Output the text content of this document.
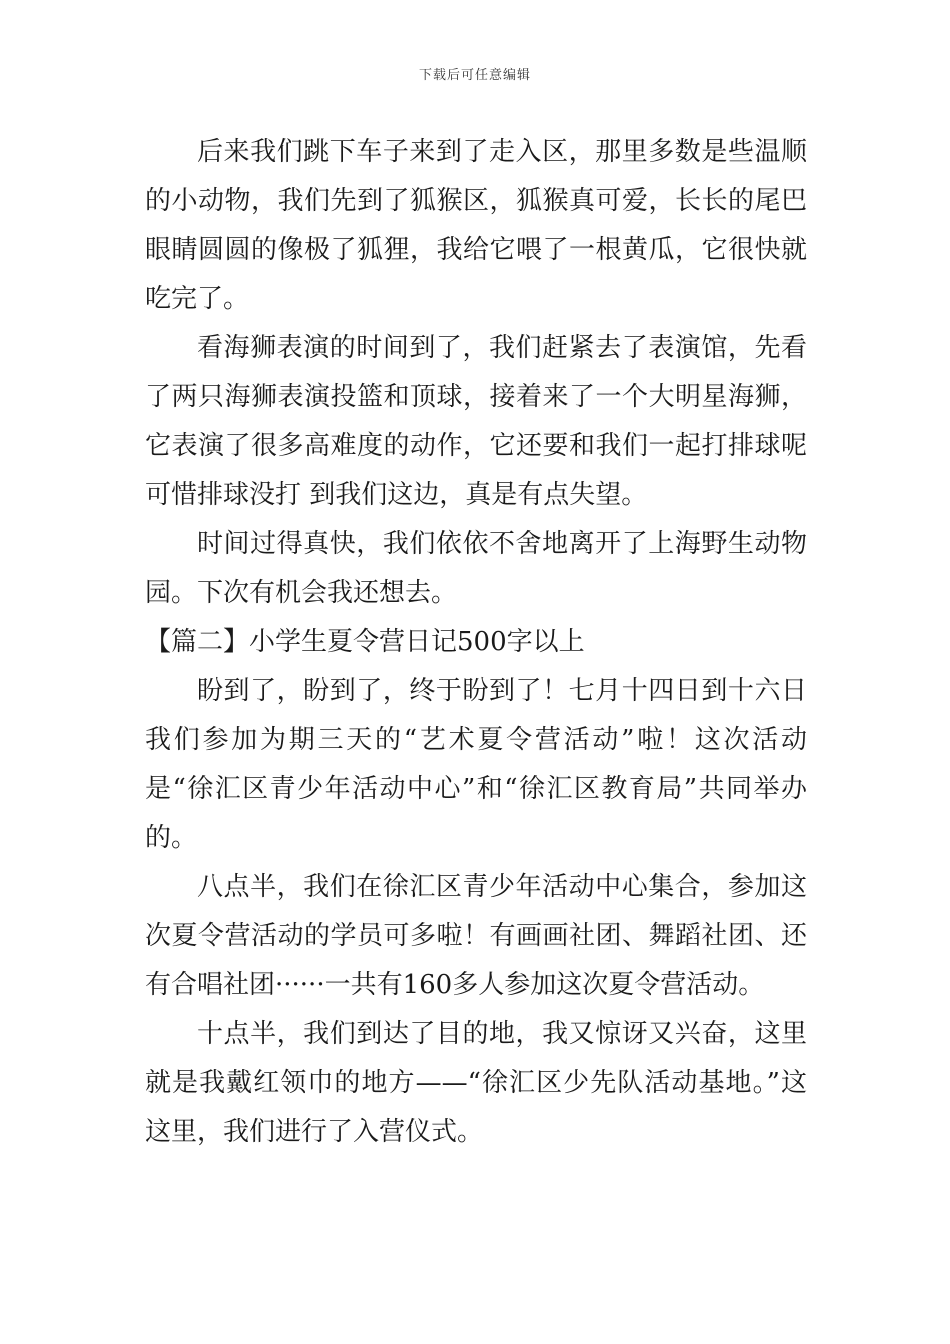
下载后可任意编辑

后来我们跳下车子来到了走入区，那里多数是些温顺的小动物，我们先到了狐猴区，狐猴真可爱，长长的尾巴眼睛圆圆的像极了狐狸，我给它喂了一根黄瓜，它很快就吃完了。

看海狮表演的时间到了，我们赶紧去了表演馆，先看了两只海狮表演投篮和顶球，接着来了一个大明星海狮，它表演了很多高难度的动作，它还要和我们一起打排球呢可惜排球没打 到我们这边，真是有点失望。

时间过得真快，我们依依不舍地离开了上海野生动物园。下次有机会我还想去。

【篇二】小学生夏令营日记500字以上

盼到了，盼到了，终于盼到了！七月十四日到十六日我们参加为期三天的“艺术夏令营活动”啦！这次活动是“徐汇区青少年活动中心”和“徐汇区教育局”共同举办的。

八点半，我们在徐汇区青少年活动中心集合，参加这次夏令营活动的学员可多啦！有画画社团、舞蹈社团、还有合唱社团······一共有160多人参加这次夏令营活动。

十点半，我们到达了目的地，我又惊讶又兴奋，这里就是我戴红领巾的地方——“徐汇区少先队活动基地。”这这里，我们进行了入营仪式。
